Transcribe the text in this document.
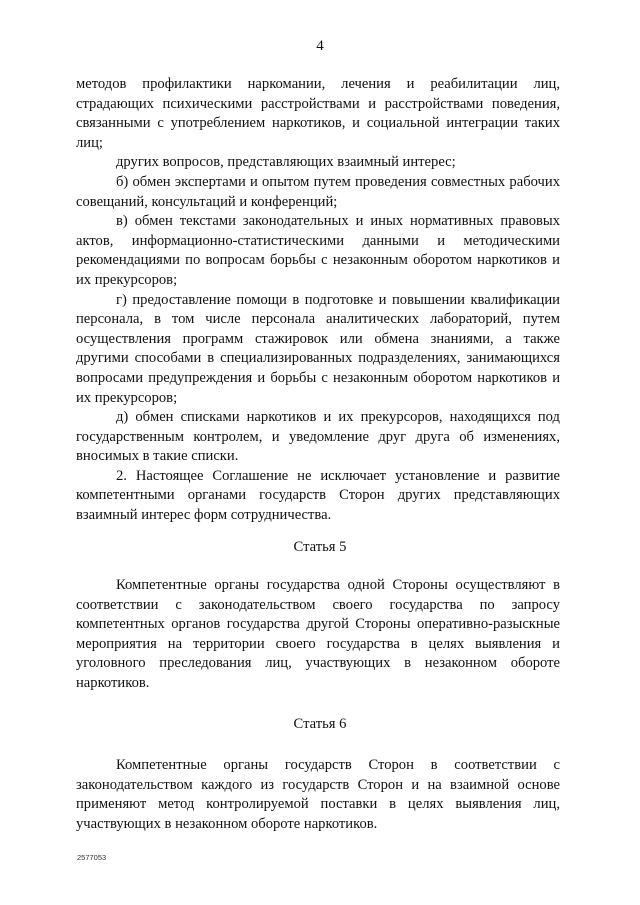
4

методов профилактики наркомании, лечения и реабилитации лиц, страдающих психическими расстройствами и расстройствами поведения, связанными с употреблением наркотиков, и социальной интеграции таких лиц;

других вопросов, представляющих взаимный интерес;

б) обмен экспертами и опытом путем проведения совместных рабочих совещаний, консультаций и конференций;

в) обмен текстами законодательных и иных нормативных правовых актов, информационно-статистическими данными и методическими рекомендациями по вопросам борьбы с незаконным оборотом наркотиков и их прекурсоров;

г) предоставление помощи в подготовке и повышении квалификации персонала, в том числе персонала аналитических лабораторий, путем осуществления программ стажировок или обмена знаниями, а также другими способами в специализированных подразделениях, занимающихся вопросами предупреждения и борьбы с незаконным оборотом наркотиков и их прекурсоров;

д) обмен списками наркотиков и их прекурсоров, находящихся под государственным контролем, и уведомление друг друга об изменениях, вносимых в такие списки.

2. Настоящее Соглашение не исключает установление и развитие компетентными органами государств Сторон других представляющих взаимный интерес форм сотрудничества.

Статья 5

Компетентные органы государства одной Стороны осуществляют в соответствии с законодательством своего государства по запросу компетентных органов государства другой Стороны оперативно-разыскные мероприятия на территории своего государства в целях выявления и уголовного преследования лиц, участвующих в незаконном обороте наркотиков.

Статья 6

Компетентные органы государств Сторон в соответствии с законодательством каждого из государств Сторон и на взаимной основе применяют метод контролируемой поставки в целях выявления лиц, участвующих в незаконном обороте наркотиков.

2577053
